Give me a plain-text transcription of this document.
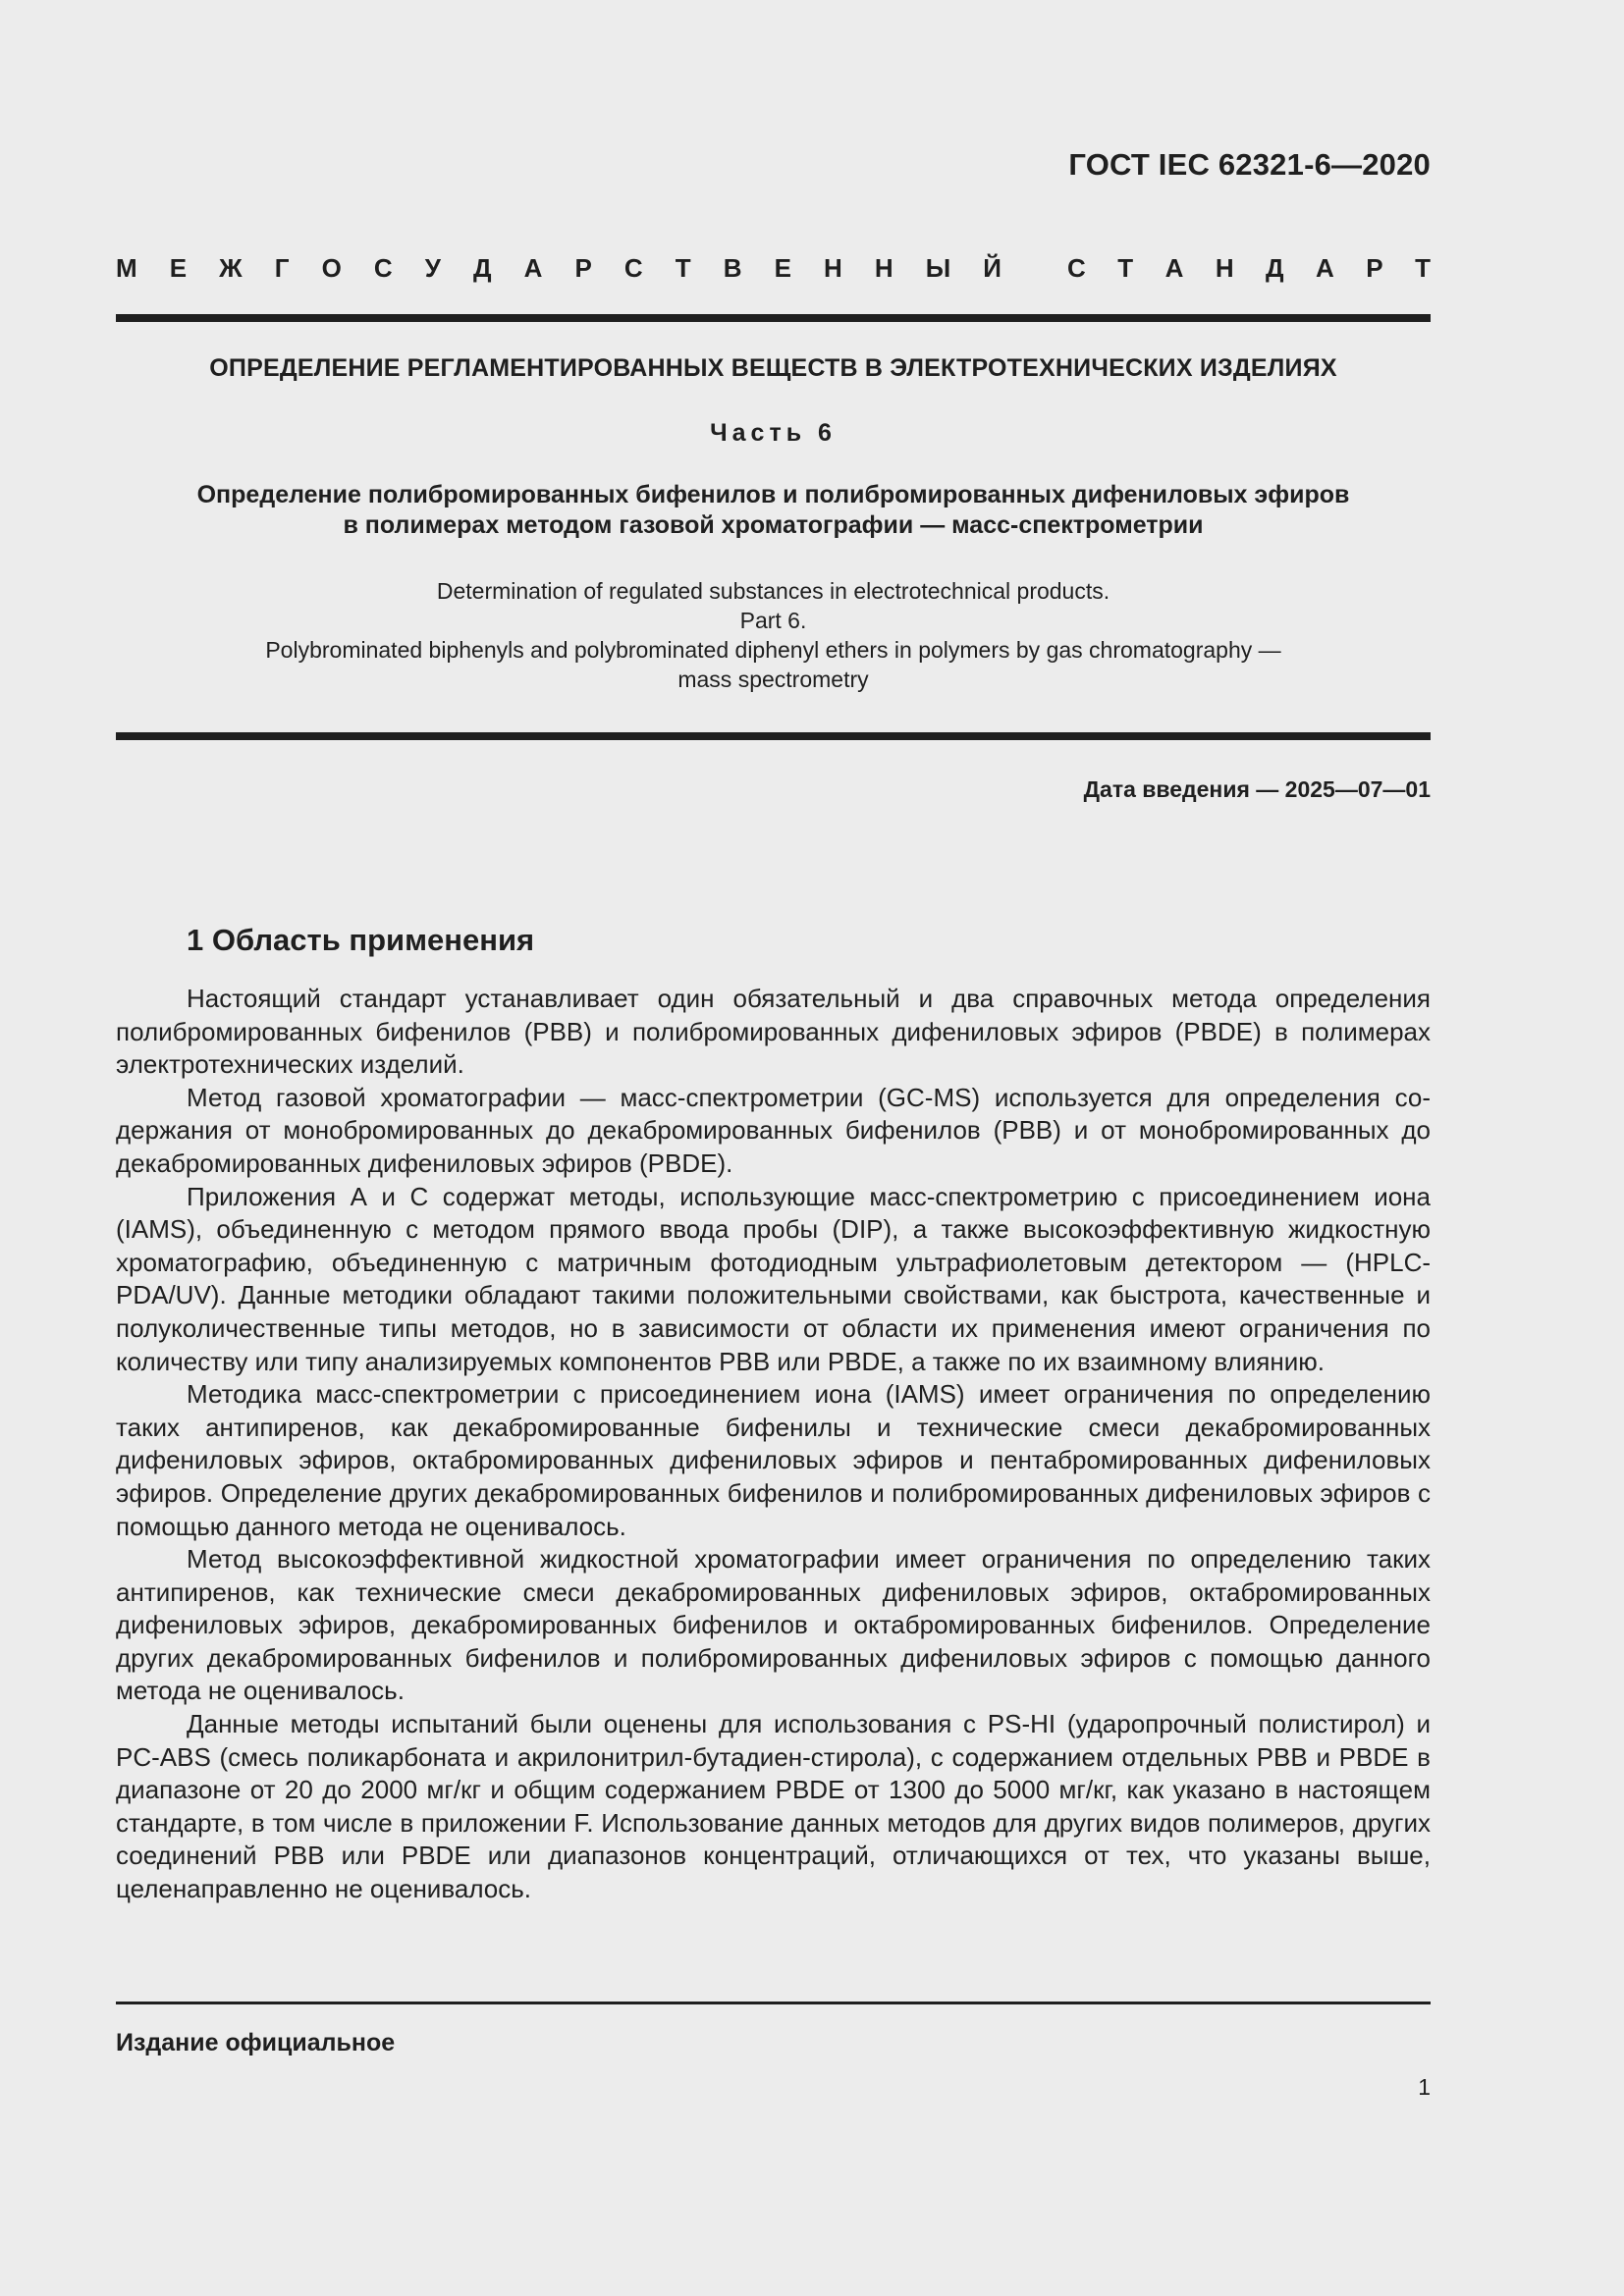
ГОСТ IEC 62321-6—2020
М Е Ж Г О С У Д А Р С Т В Е Н Н Ы Й	С Т А Н Д А Р Т
ОПРЕДЕЛЕНИЕ РЕГЛАМЕНТИРОВАННЫХ ВЕЩЕСТВ В ЭЛЕКТРОТЕХНИЧЕСКИХ ИЗДЕЛИЯХ
Часть 6
Определение полибромированных бифенилов и полибромированных дифениловых эфиров
в полимерах методом газовой хроматографии — масс-спектрометрии
Determination of regulated substances in electrotechnical products.
Part 6.
Polybrominated biphenyls and polybrominated diphenyl ethers in polymers by gas chromatography —
mass spectrometry
Дата введения — 2025—07—01
1 Область применения

Настоящий стандарт устанавливает один обязательный и два справочных метода определения полибромированных бифенилов (PBB) и полибромированных дифениловых эфиров (PBDE) в полимерах электротехнических изделий.

Метод газовой хроматографии — масс-спектрометрии (GC-MS) используется для определения содержания от монобромированных до декабромированных бифенилов (PBB) и от монобромированных до декабромированных дифениловых эфиров (PBDE).

Приложения А и С содержат методы, использующие масс-спектрометрию с присоединением иона (IAMS), объединенную с методом прямого ввода пробы (DIP), а также высокоэффективную жидкостную хроматографию, объединенную с матричным фотодиодным ультрафиолетовым детектором — (HPLC-PDA/UV). Данные методики обладают такими положительными свойствами, как быстрота, качественные и полуколичественные типы методов, но в зависимости от области их применения имеют ограничения по количеству или типу анализируемых компонентов PBB или PBDE, а также по их взаимному влиянию.

Методика масс-спектрометрии с присоединением иона (IAMS) имеет ограничения по определению таких антипиренов, как декабромированные бифенилы и технические смеси декабромированных дифениловых эфиров, октабромированных дифениловых эфиров и пентабромированных дифениловых эфиров. Определение других декабромированных бифенилов и полибромированных дифениловых эфиров с помощью данного метода не оценивалось.

Метод высокоэффективной жидкостной хроматографии имеет ограничения по определению таких антипиренов, как технические смеси декабромированных дифениловых эфиров, октабромированных дифениловых эфиров, декабромированных бифенилов и октабромированных бифенилов. Определение других декабромированных бифенилов и полибромированных дифениловых эфиров с помощью данного метода не оценивалось.

Данные методы испытаний были оценены для использования с PS-HI (ударопрочный полистирол) и PC-ABS (смесь поликарбоната и акрилонитрил-бутадиен-стирола), с содержанием отдельных PBB и PBDE в диапазоне от 20 до 2000 мг/кг и общим содержанием PBDE от 1300 до 5000 мг/кг, как указано в настоящем стандарте, в том числе в приложении F. Использование данных методов для других видов полимеров, других соединений PBB или PBDE или диапазонов концентраций, отличающихся от тех, что указаны выше, целенаправленно не оценивалось.

Издание официальное
1
